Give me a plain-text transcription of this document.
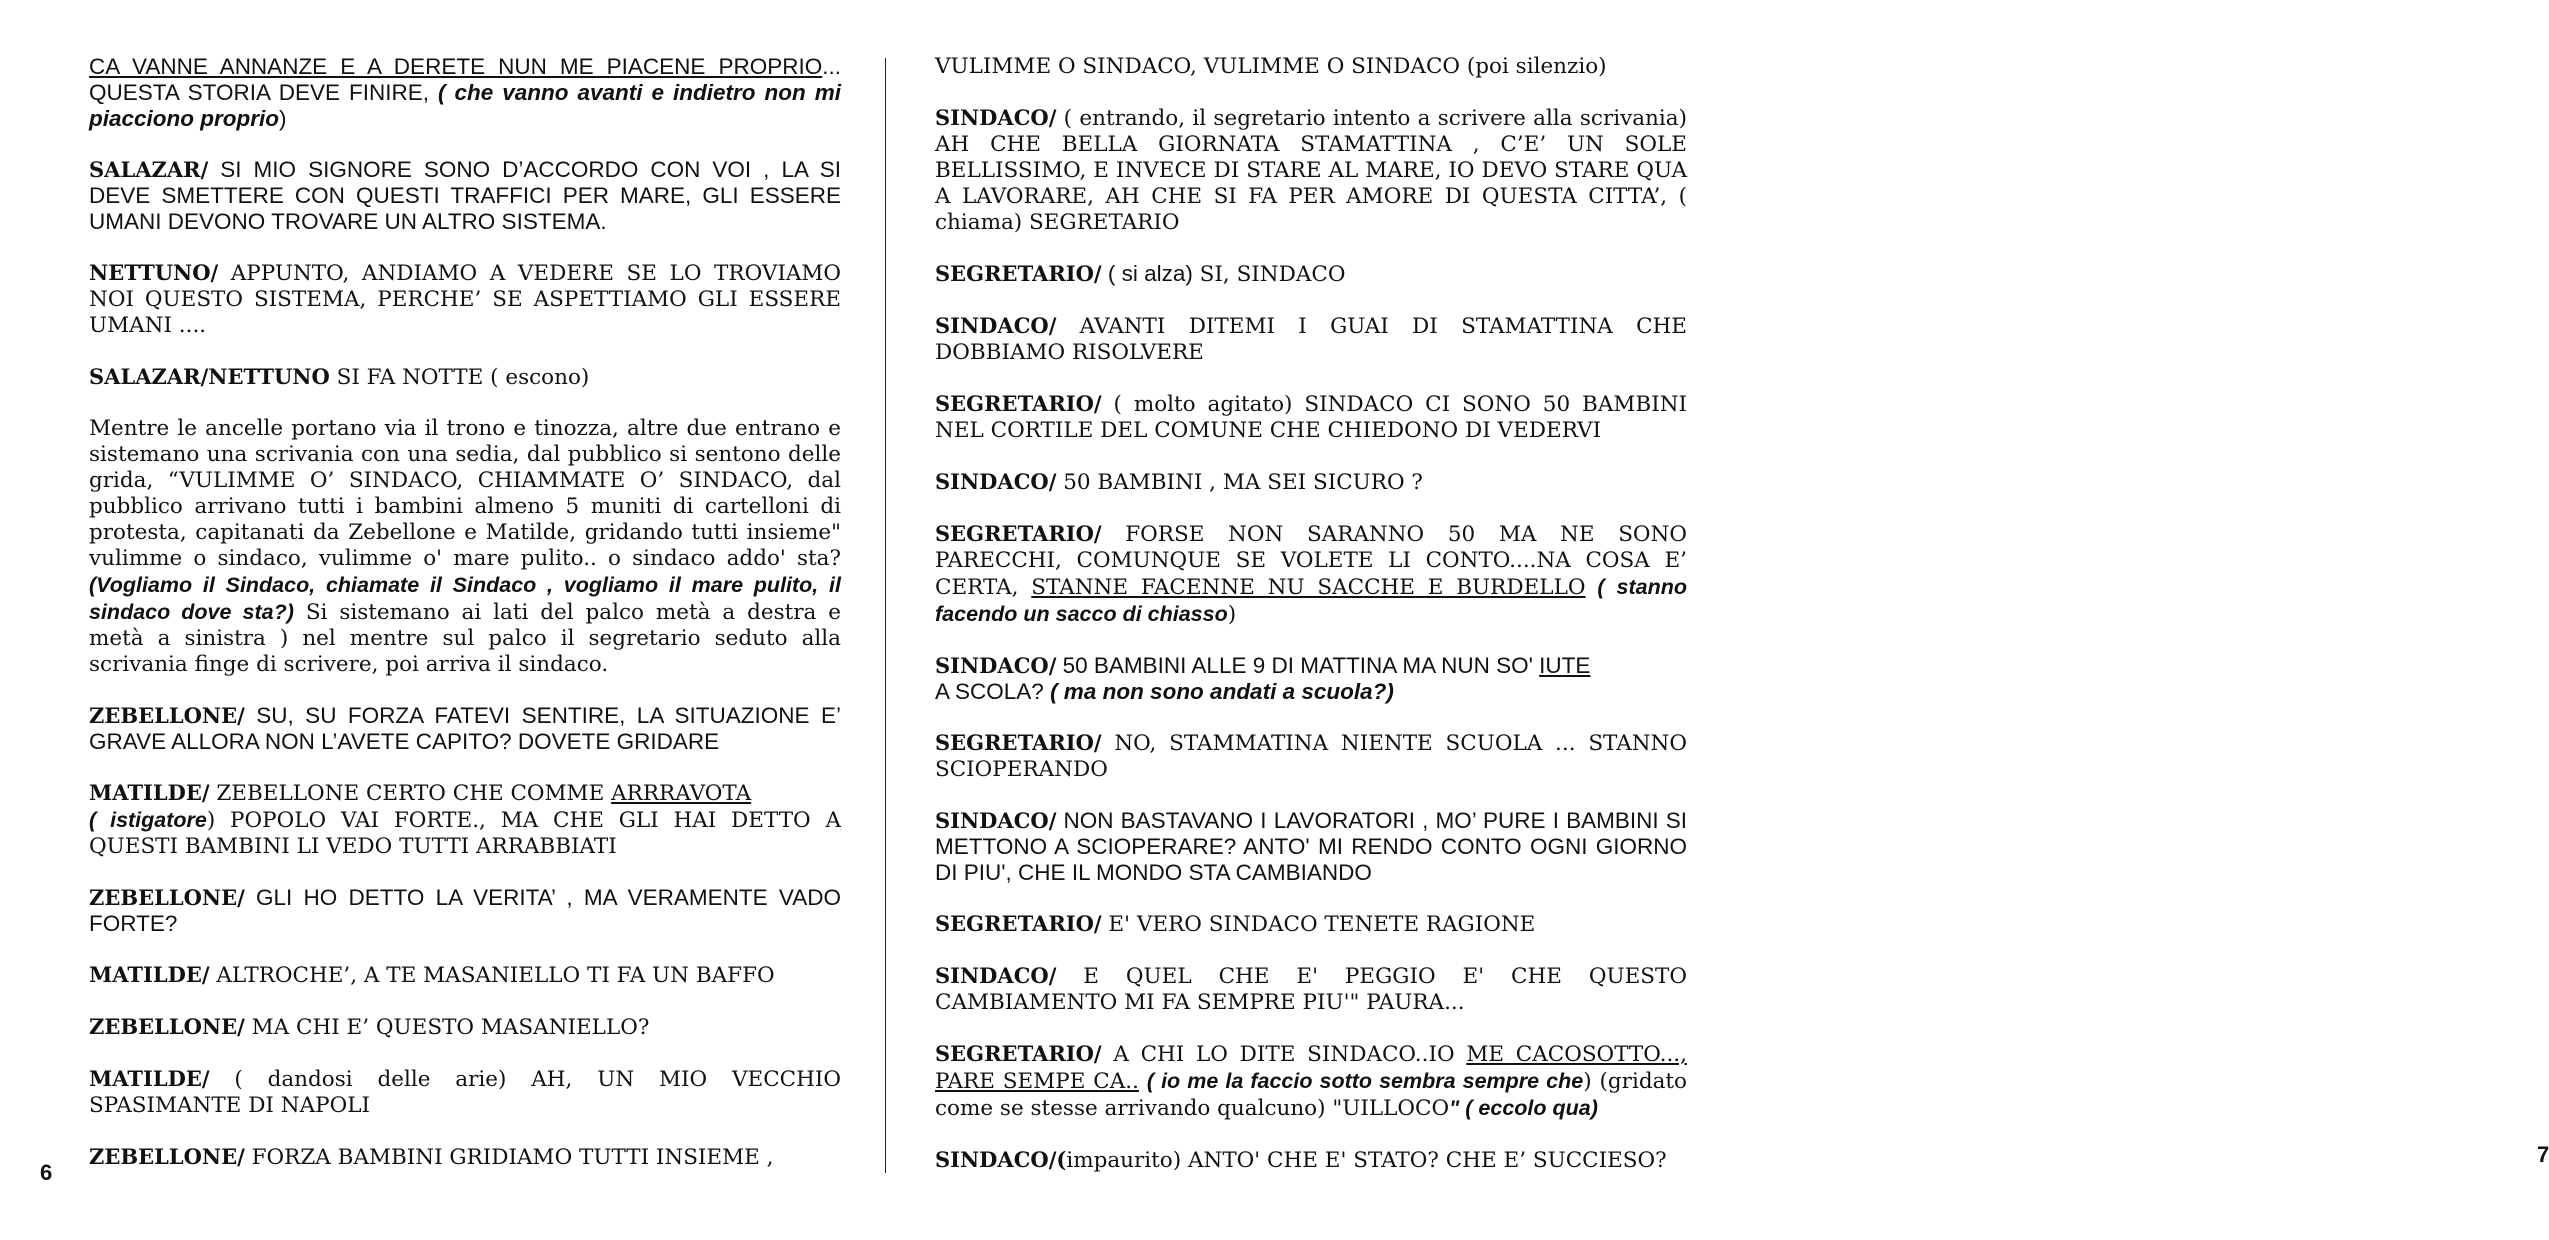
CA VANNE ANNANZE E A DERETE NUN ME PIACENE PROPRIO... QUESTA STORIA DEVE FINIRE, ( che vanno avanti e indietro non mi piacciono proprio)

SALAZAR/ SI MIO SIGNORE SONO D’ACCORDO CON VOI , LA SI DEVE SMETTERE CON QUESTI TRAFFICI PER MARE, GLI ESSERE UMANI DEVONO TROVARE UN ALTRO SISTEMA.

NETTUNO/ APPUNTO, ANDIAMO A VEDERE SE LO TROVIAMO NOI QUESTO SISTEMA, PERCHE’ SE ASPETTIAMO GLI ESSERE UMANI ....

SALAZAR/NETTUNO SI FA NOTTE ( escono)

Mentre le ancelle portano via il trono e tinozza, altre due entrano e sistemano una scrivania con una sedia, dal pubblico si sentono delle grida, “VULIMME O’ SINDACO, CHIAMMATE O’ SINDACO, dal pubblico arrivano tutti i bambini almeno 5 muniti di cartelloni di protesta, capitanati da Zebellone e Matilde, gridando tutti insieme" vulimme o sindaco, vulimme o' mare pulito.. o sindaco addo' sta? (Vogliamo il Sindaco, chiamate il Sindaco , vogliamo il mare pulito, il sindaco dove sta?) Si sistemano ai lati del palco metà a destra e metà a sinistra ) nel mentre sul palco il segretario seduto alla scrivania finge di scrivere, poi arriva il sindaco.

ZEBELLONE/ SU, SU FORZA FATEVI SENTIRE, LA SITUAZIONE E’ GRAVE ALLORA NON L’AVETE CAPITO? DOVETE GRIDARE

MATILDE/ ZEBELLONE CERTO CHE COMME ARRRAVOTA
( istigatore) POPOLO VAI FORTE., MA CHE GLI HAI DETTO A QUESTI BAMBINI LI VEDO TUTTI ARRABBIATI

ZEBELLONE/ GLI HO DETTO LA VERITA’ , MA VERAMENTE VADO FORTE?

MATILDE/ ALTROCHE’, A TE MASANIELLO TI FA UN BAFFO

ZEBELLONE/ MA CHI E’ QUESTO MASANIELLO?

MATILDE/ ( dandosi delle arie) AH, UN MIO VECCHIO SPASIMANTE DI NAPOLI

ZEBELLONE/ FORZA BAMBINI GRIDIAMO TUTTI INSIEME ,

6

VULIMME O SINDACO, VULIMME O SINDACO (poi silenzio)

SINDACO/ ( entrando, il segretario intento a scrivere alla scrivania) AH CHE BELLA GIORNATA STAMATTINA , C’E’ UN SOLE BELLISSIMO, E INVECE DI STARE AL MARE, IO DEVO STARE QUA A LAVORARE, AH CHE SI FA PER AMORE DI QUESTA CITTA’, ( chiama) SEGRETARIO

SEGRETARIO/ ( si alza) SI, SINDACO

SINDACO/ AVANTI DITEMI I GUAI DI STAMATTINA CHE DOBBIAMO RISOLVERE

SEGRETARIO/ ( molto agitato) SINDACO CI SONO 50 BAMBINI NEL CORTILE DEL COMUNE CHE CHIEDONO DI VEDERVI

SINDACO/ 50 BAMBINI , MA SEI SICURO ?

SEGRETARIO/ FORSE NON SARANNO 50 MA NE SONO PARECCHI, COMUNQUE SE VOLETE LI CONTO....NA COSA E’ CERTA, STANNE FACENNE NU SACCHE E BURDELLO ( stanno facendo un sacco di chiasso)

SINDACO/ 50 BAMBINI ALLE 9 DI MATTINA MA NUN SO' IUTE
A SCOLA? ( ma non sono andati a scuola?)

SEGRETARIO/ NO, STAMMATINA NIENTE SCUOLA ... STANNO SCIOPERANDO

SINDACO/ NON BASTAVANO I LAVORATORI , MO’ PURE I BAMBINI SI METTONO A SCIOPERARE? ANTO' MI RENDO CONTO OGNI GIORNO DI PIU', CHE IL MONDO STA CAMBIANDO

SEGRETARIO/ E' VERO SINDACO TENETE RAGIONE

SINDACO/ E QUEL CHE E' PEGGIO E' CHE QUESTO CAMBIAMENTO MI FA SEMPRE PIU'" PAURA...

SEGRETARIO/ A CHI LO DITE SINDACO..IO ME CACOSOTTO..., PARE SEMPE CA.. ( io me la faccio sotto sembra sempre che) (gridato come se stesse arrivando qualcuno) "UILLOCO" ( eccolo qua)

SINDACO/(impaurito) ANTO' CHE E' STATO? CHE E’ SUCCIESO?	7
